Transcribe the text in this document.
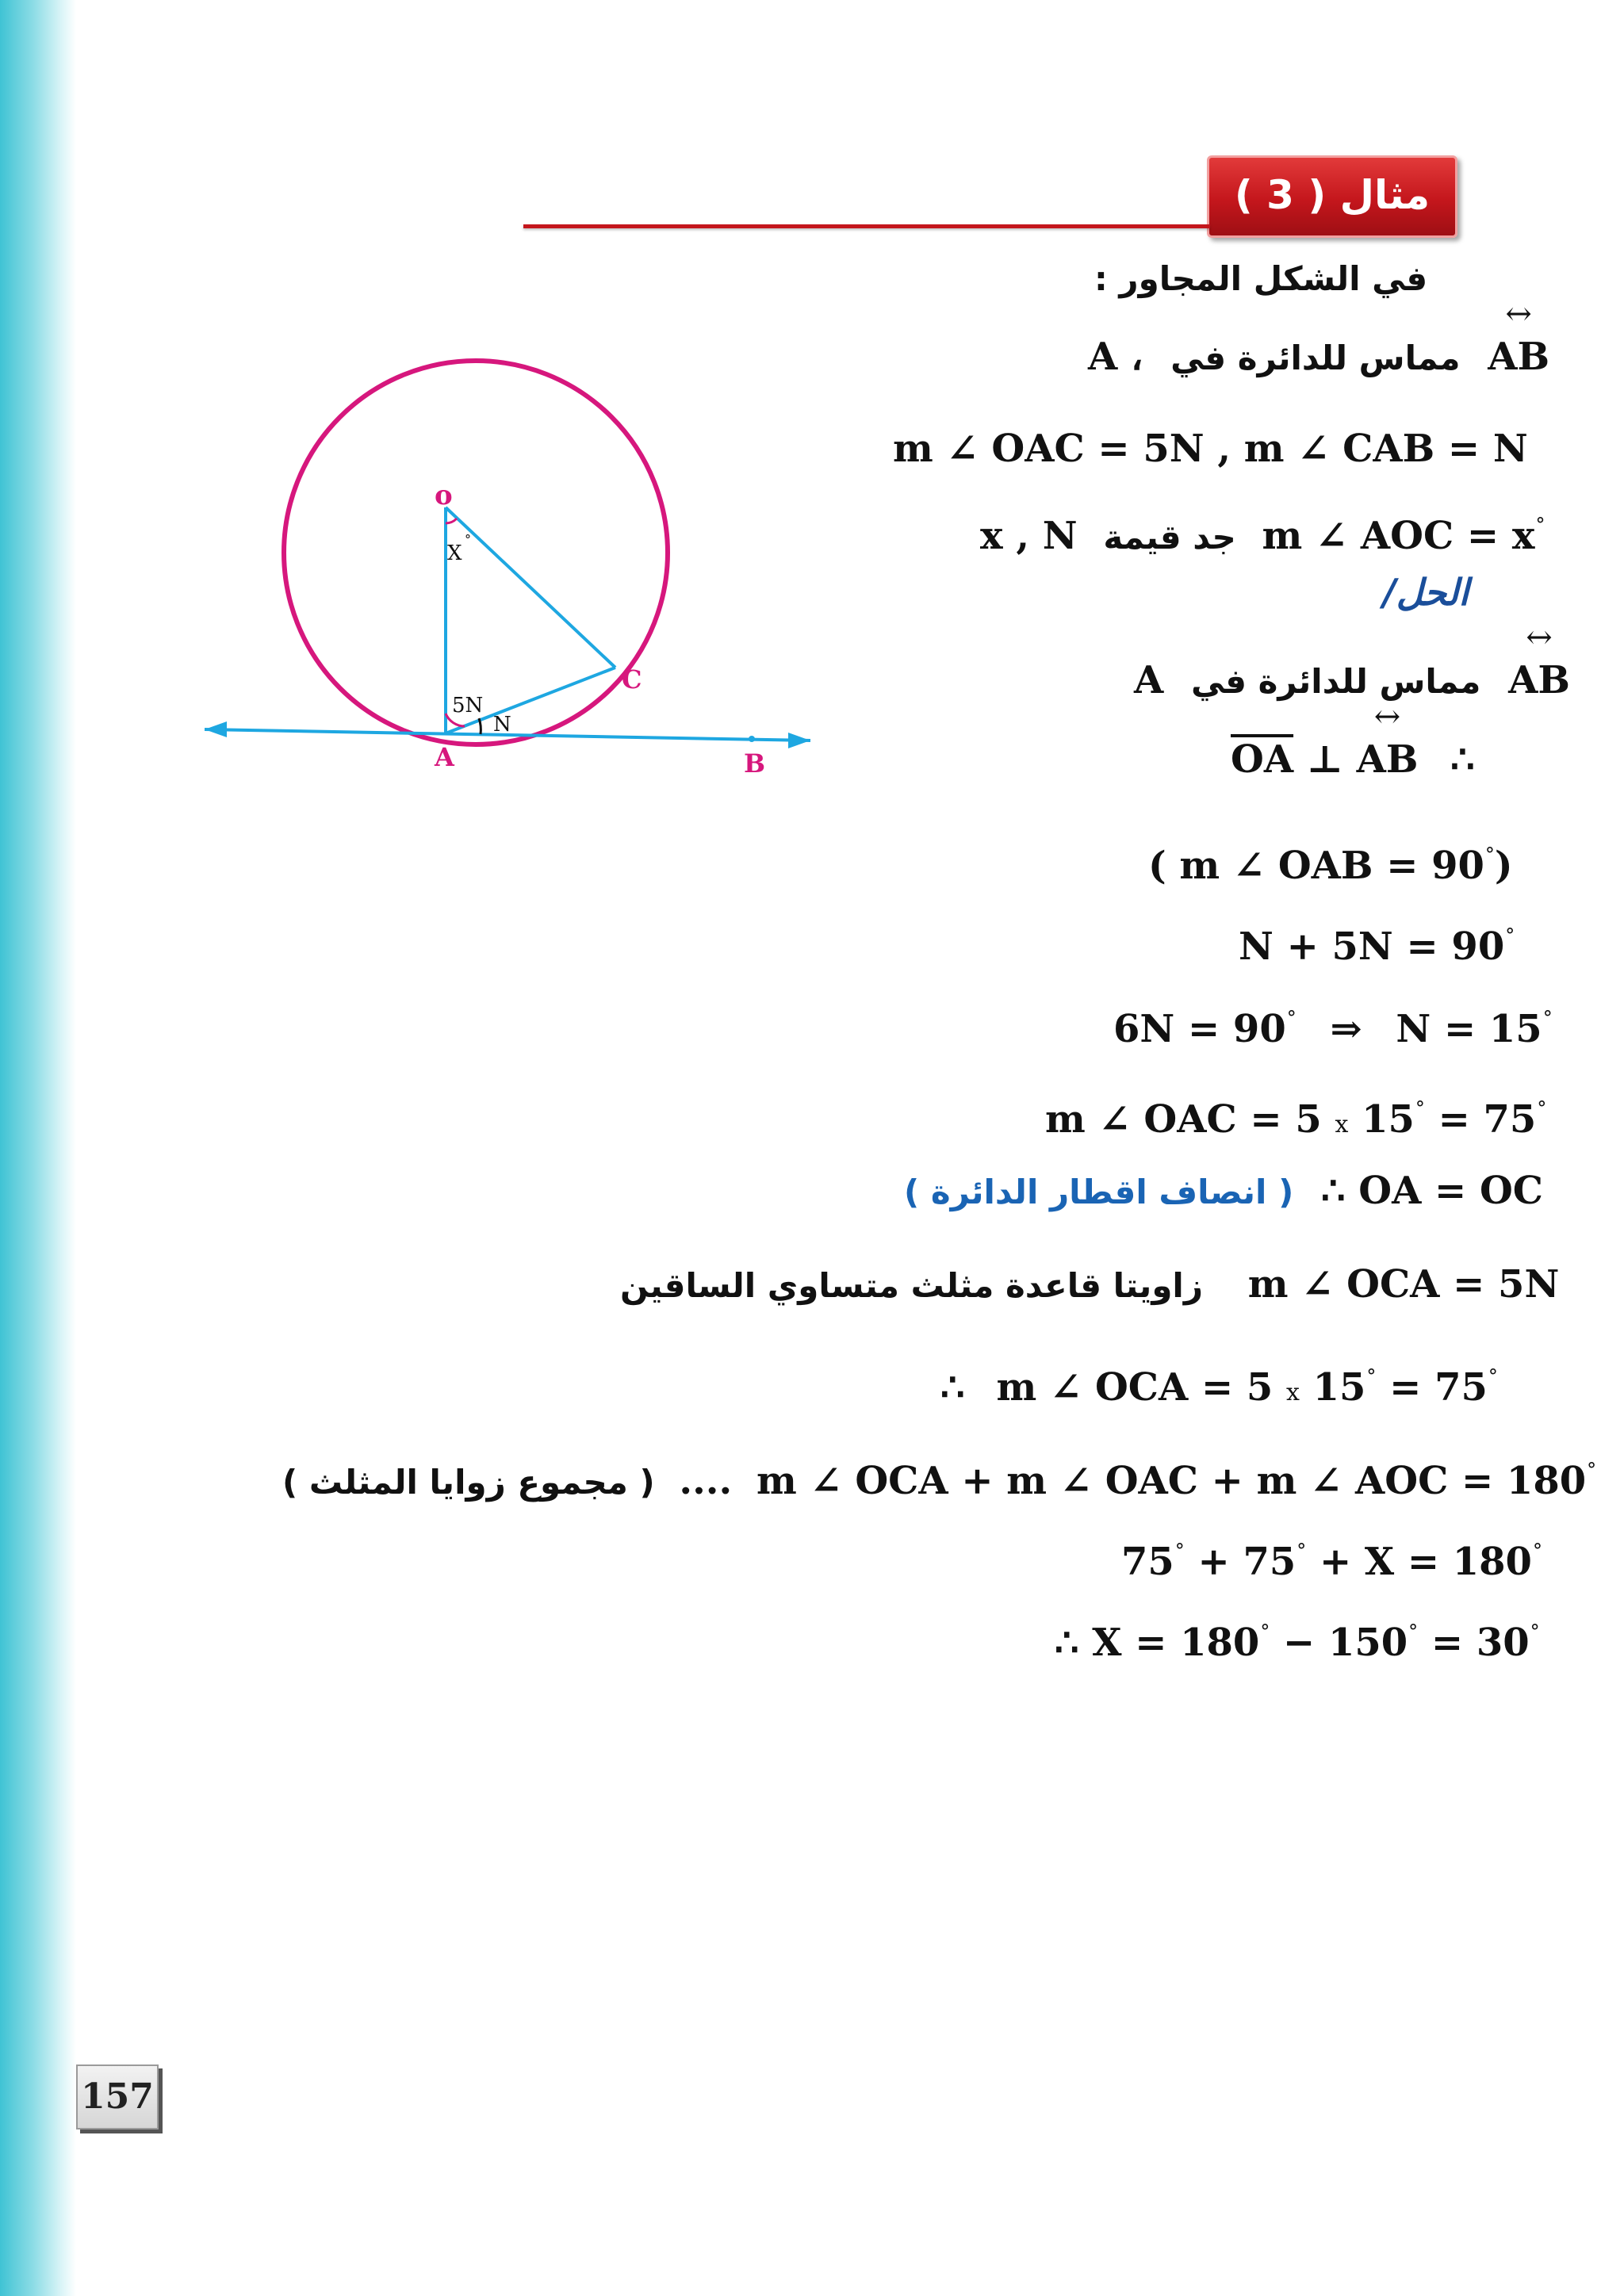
مثال ( 3 )
في الشكل المجاور :
A ، مماس للدائرة في ↔ AB
m ∠ OAC = 5N , m ∠ CAB = N
x , N جد قيمة m ∠ AOC = x°
الحل/
A مماس للدائرة في ↔ AB
$\overline{OA}$ ⊥ ↔ AB ∴
( m ∠ OAB = 90°)
N + 5N = 90°
6N = 90° ⇒ N = 15°
m ∠ OAC = 5 x 15° = 75°
( انصاف اقطار الدائرة ) ∴ OA = OC
زاويتا قاعدة مثلث متساوي الساقين m ∠ OCA = 5N
∴ m ∠ OCA = 5 x 15° = 75°
( مجموع زوايا المثلث ) .... m ∠ OCA + m ∠ OAC + m ∠ AOC = 180°
75° + 75° + X = 180°
∴ X = 180° − 150° = 30°
o
X
°
5N
N
C
A	B
157
